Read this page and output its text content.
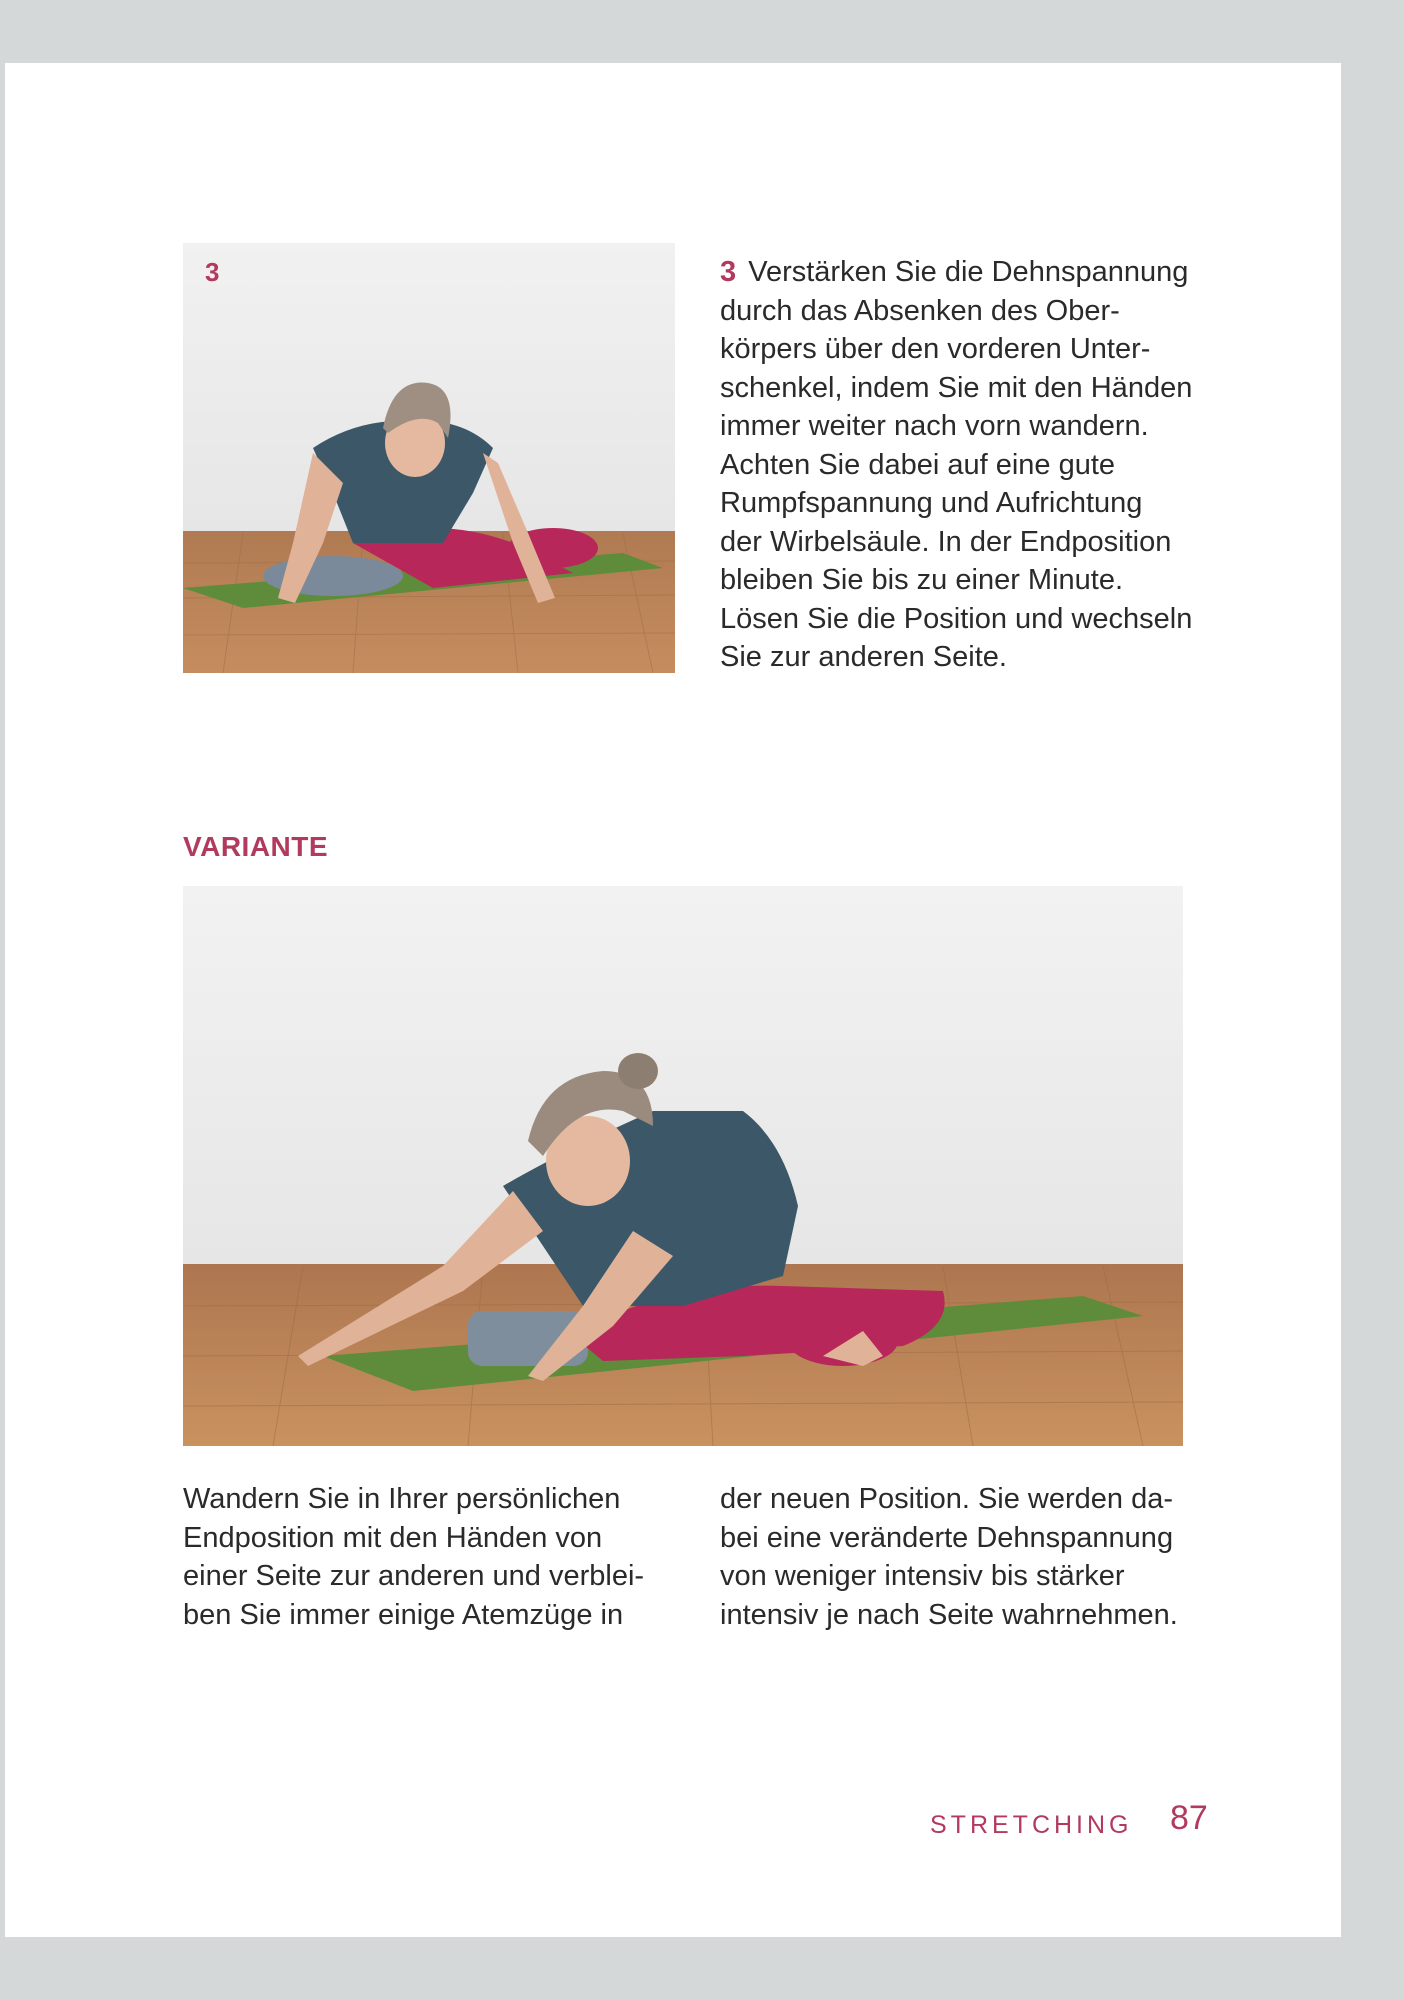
3	3 Verstärken Sie die Dehnspannung
durch das Absenken des Ober-
körpers über den vorderen Unter-
schenkel, indem Sie mit den Händen
immer weiter nach vorn wandern.
Achten Sie dabei auf eine gute
Rumpfspannung und Aufrichtung
der Wirbelsäule. In der Endposition
bleiben Sie bis zu einer Minute.
Lösen Sie die Position und wechseln
Sie zur anderen Seite.
VARIANTE
Wandern Sie in Ihrer persönlichen
Endposition mit den Händen von
einer Seite zur anderen und verblei-
ben Sie immer einige Atemzüge in
der neuen Position. Sie werden da-
bei eine veränderte Dehnspannung
von weniger intensiv bis stärker
intensiv je nach Seite wahrnehmen.
STRETCHING 87
